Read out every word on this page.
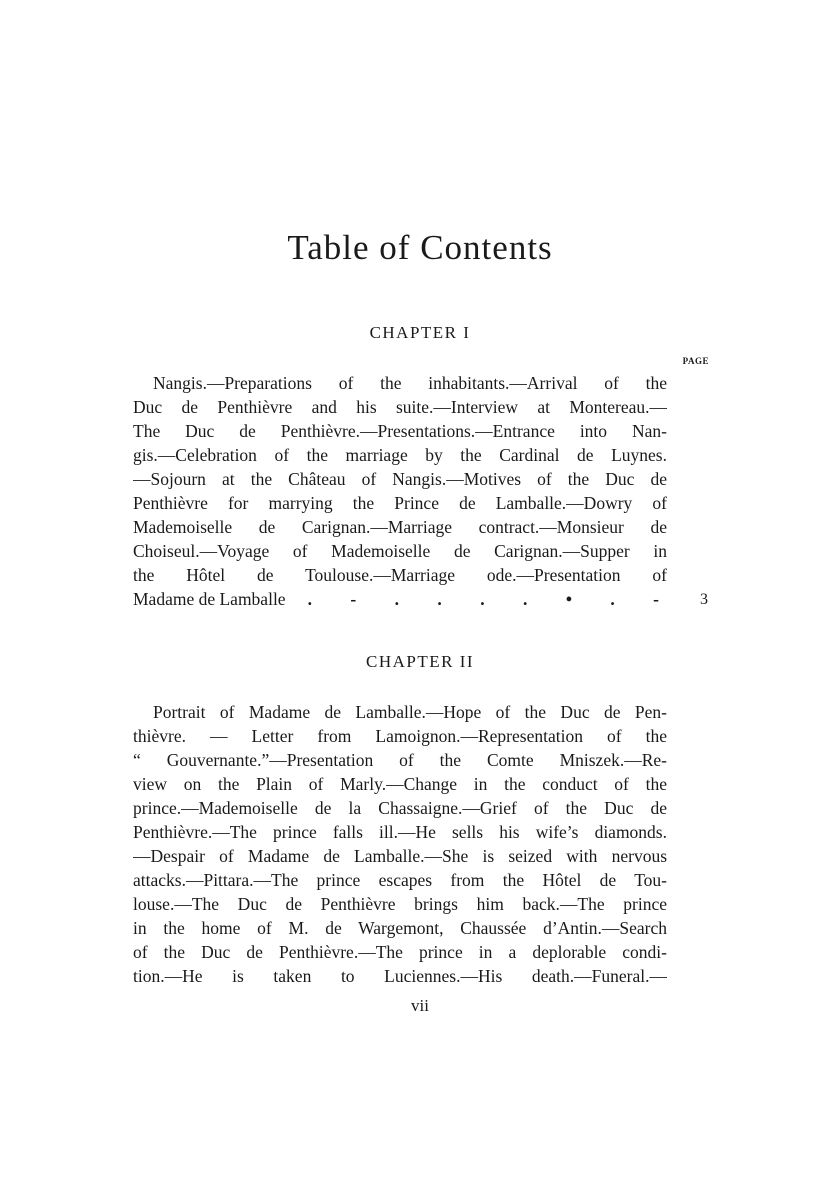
Table of Contents
CHAPTER I
PAGE
Nangis.—Preparations of the inhabitants.—Arrival of the
Duc de Penthièvre and his suite.—Interview at Montereau.—
The Duc de Penthièvre.—Presentations.—Entrance into Nan-
gis.—Celebration of the marriage by the Cardinal de Luynes.
—Sojourn at the Château of Nangis.—Motives of the Duc de
Penthièvre for marrying the Prince de Lamballe.—Dowry of
Mademoiselle de Carignan.—Marriage contract.—Monsieur de
Choiseul.—Voyage of Mademoiselle de Carignan.—Supper in
the Hôtel de Toulouse.—Marriage ode.—Presentation of
Madame de Lamballe . - . . . . • . -	3
CHAPTER II
Portrait of Madame de Lamballe.—Hope of the Duc de Pen-
thièvre. — Letter from Lamoignon.—Representation of the
“ Gouvernante.”—Presentation of the Comte Mniszek.—Re-
view on the Plain of Marly.—Change in the conduct of the
prince.—Mademoiselle de la Chassaigne.—Grief of the Duc de
Penthièvre.—The prince falls ill.—He sells his wife’s diamonds.
—Despair of Madame de Lamballe.—She is seized with nervous
attacks.—Pittara.—The prince escapes from the Hôtel de Tou-
louse.—The Duc de Penthièvre brings him back.—The prince
in the home of M. de Wargemont, Chaussée d’Antin.—Search
of the Duc de Penthièvre.—The prince in a deplorable condi-
tion.—He is taken to Luciennes.—His death.—Funeral.—
vii
